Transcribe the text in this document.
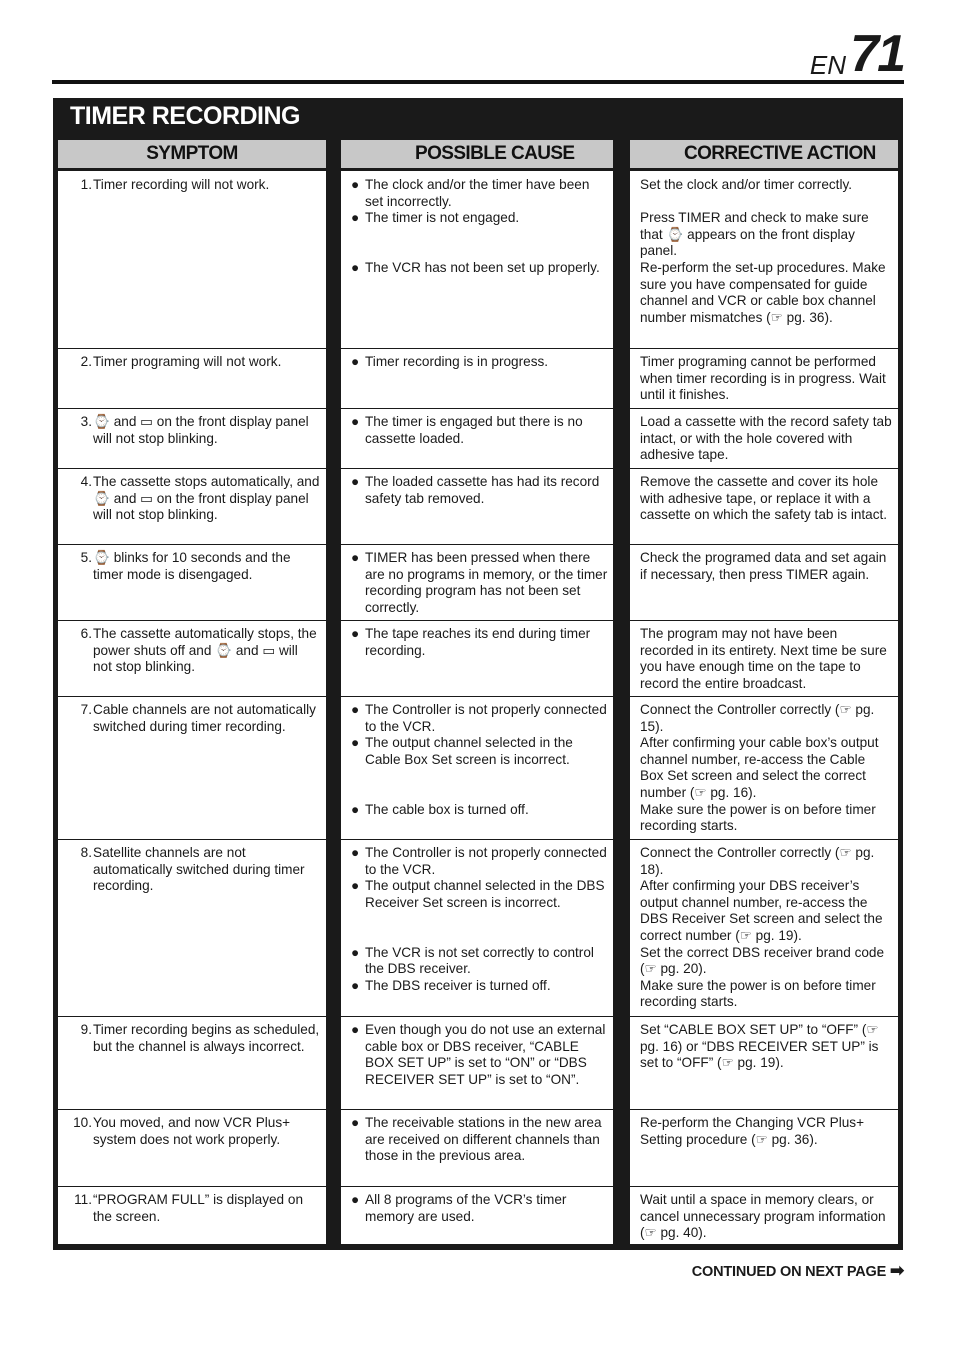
EN 71
TIMER RECORDING
SYMPTOM	POSSIBLE CAUSE	CORRECTIVE ACTION
1. Timer recording will not work.
2. Timer programing will not work.
3. ⌚ and ▭ on the front display panel will not stop blinking.
4. The cassette stops automatically, and ⌚ and ▭ on the front display panel will not stop blinking.
5. ⌚ blinks for 10 seconds and the timer mode is disengaged.
6. The cassette automatically stops, the power shuts off and ⌚ and ▭ will not stop blinking.
7. Cable channels are not automatically switched during timer recording.
8. Satellite channels are not automatically switched during timer recording.
9. Timer recording begins as scheduled, but the channel is always incorrect.
10. You moved, and now VCR Plus+ system does not work properly.
11. “PROGRAM FULL” is displayed on the screen.
● The clock and/or the timer have been set incorrectly.
● The timer is not engaged.
● The VCR has not been set up properly.
● Timer recording is in progress.
● The timer is engaged but there is no cassette loaded.
● The loaded cassette has had its record safety tab removed.
● TIMER has been pressed when there are no programs in memory, or the timer recording program has not been set correctly.
● The tape reaches its end during timer recording.
● The Controller is not properly connected to the VCR.
● The output channel selected in the Cable Box Set screen is incorrect.
● The cable box is turned off.
● The Controller is not properly connected to the VCR.
● The output channel selected in the DBS Receiver Set screen is incorrect.
● The VCR is not set correctly to control the DBS receiver.
● The DBS receiver is turned off.
● Even though you do not use an external cable box or DBS receiver, “CABLE BOX SET UP” is set to “ON” or “DBS RECEIVER SET UP” is set to “ON”.
● The receivable stations in the new area are received on different channels than those in the previous area.
● All 8 programs of the VCR’s timer memory are used.
Set the clock and/or timer correctly.
Press TIMER and check to make sure that ⌚ appears on the front display panel.
Re-perform the set-up procedures. Make sure you have compensated for guide channel and VCR or cable box channel number mismatches (☞ pg. 36).
Timer programing cannot be performed when timer recording is in progress. Wait until it finishes.
Load a cassette with the record safety tab intact, or with the hole covered with adhesive tape.
Remove the cassette and cover its hole with adhesive tape, or replace it with a cassette on which the safety tab is intact.
Check the programed data and set again if necessary, then press TIMER again.
The program may not have been recorded in its entirety. Next time be sure you have enough time on the tape to record the entire broadcast.
Connect the Controller correctly (☞ pg. 15).
After confirming your cable box’s output channel number, re-access the Cable Box Set screen and select the correct number (☞ pg. 16).
Make sure the power is on before timer recording starts.
Connect the Controller correctly (☞ pg. 18).
After confirming your DBS receiver’s output channel number, re-access the DBS Receiver Set screen and select the correct number (☞ pg. 19).
Set the correct DBS receiver brand code (☞ pg. 20).
Make sure the power is on before timer recording starts.
Set “CABLE BOX SET UP” to “OFF” (☞ pg. 16) or “DBS RECEIVER SET UP” is set to “OFF” (☞ pg. 19).
Re-perform the Changing VCR Plus+ Setting procedure (☞ pg. 36).
Wait until a space in memory clears, or cancel unnecessary program information (☞ pg. 40).
CONTINUED ON NEXT PAGE ➡
